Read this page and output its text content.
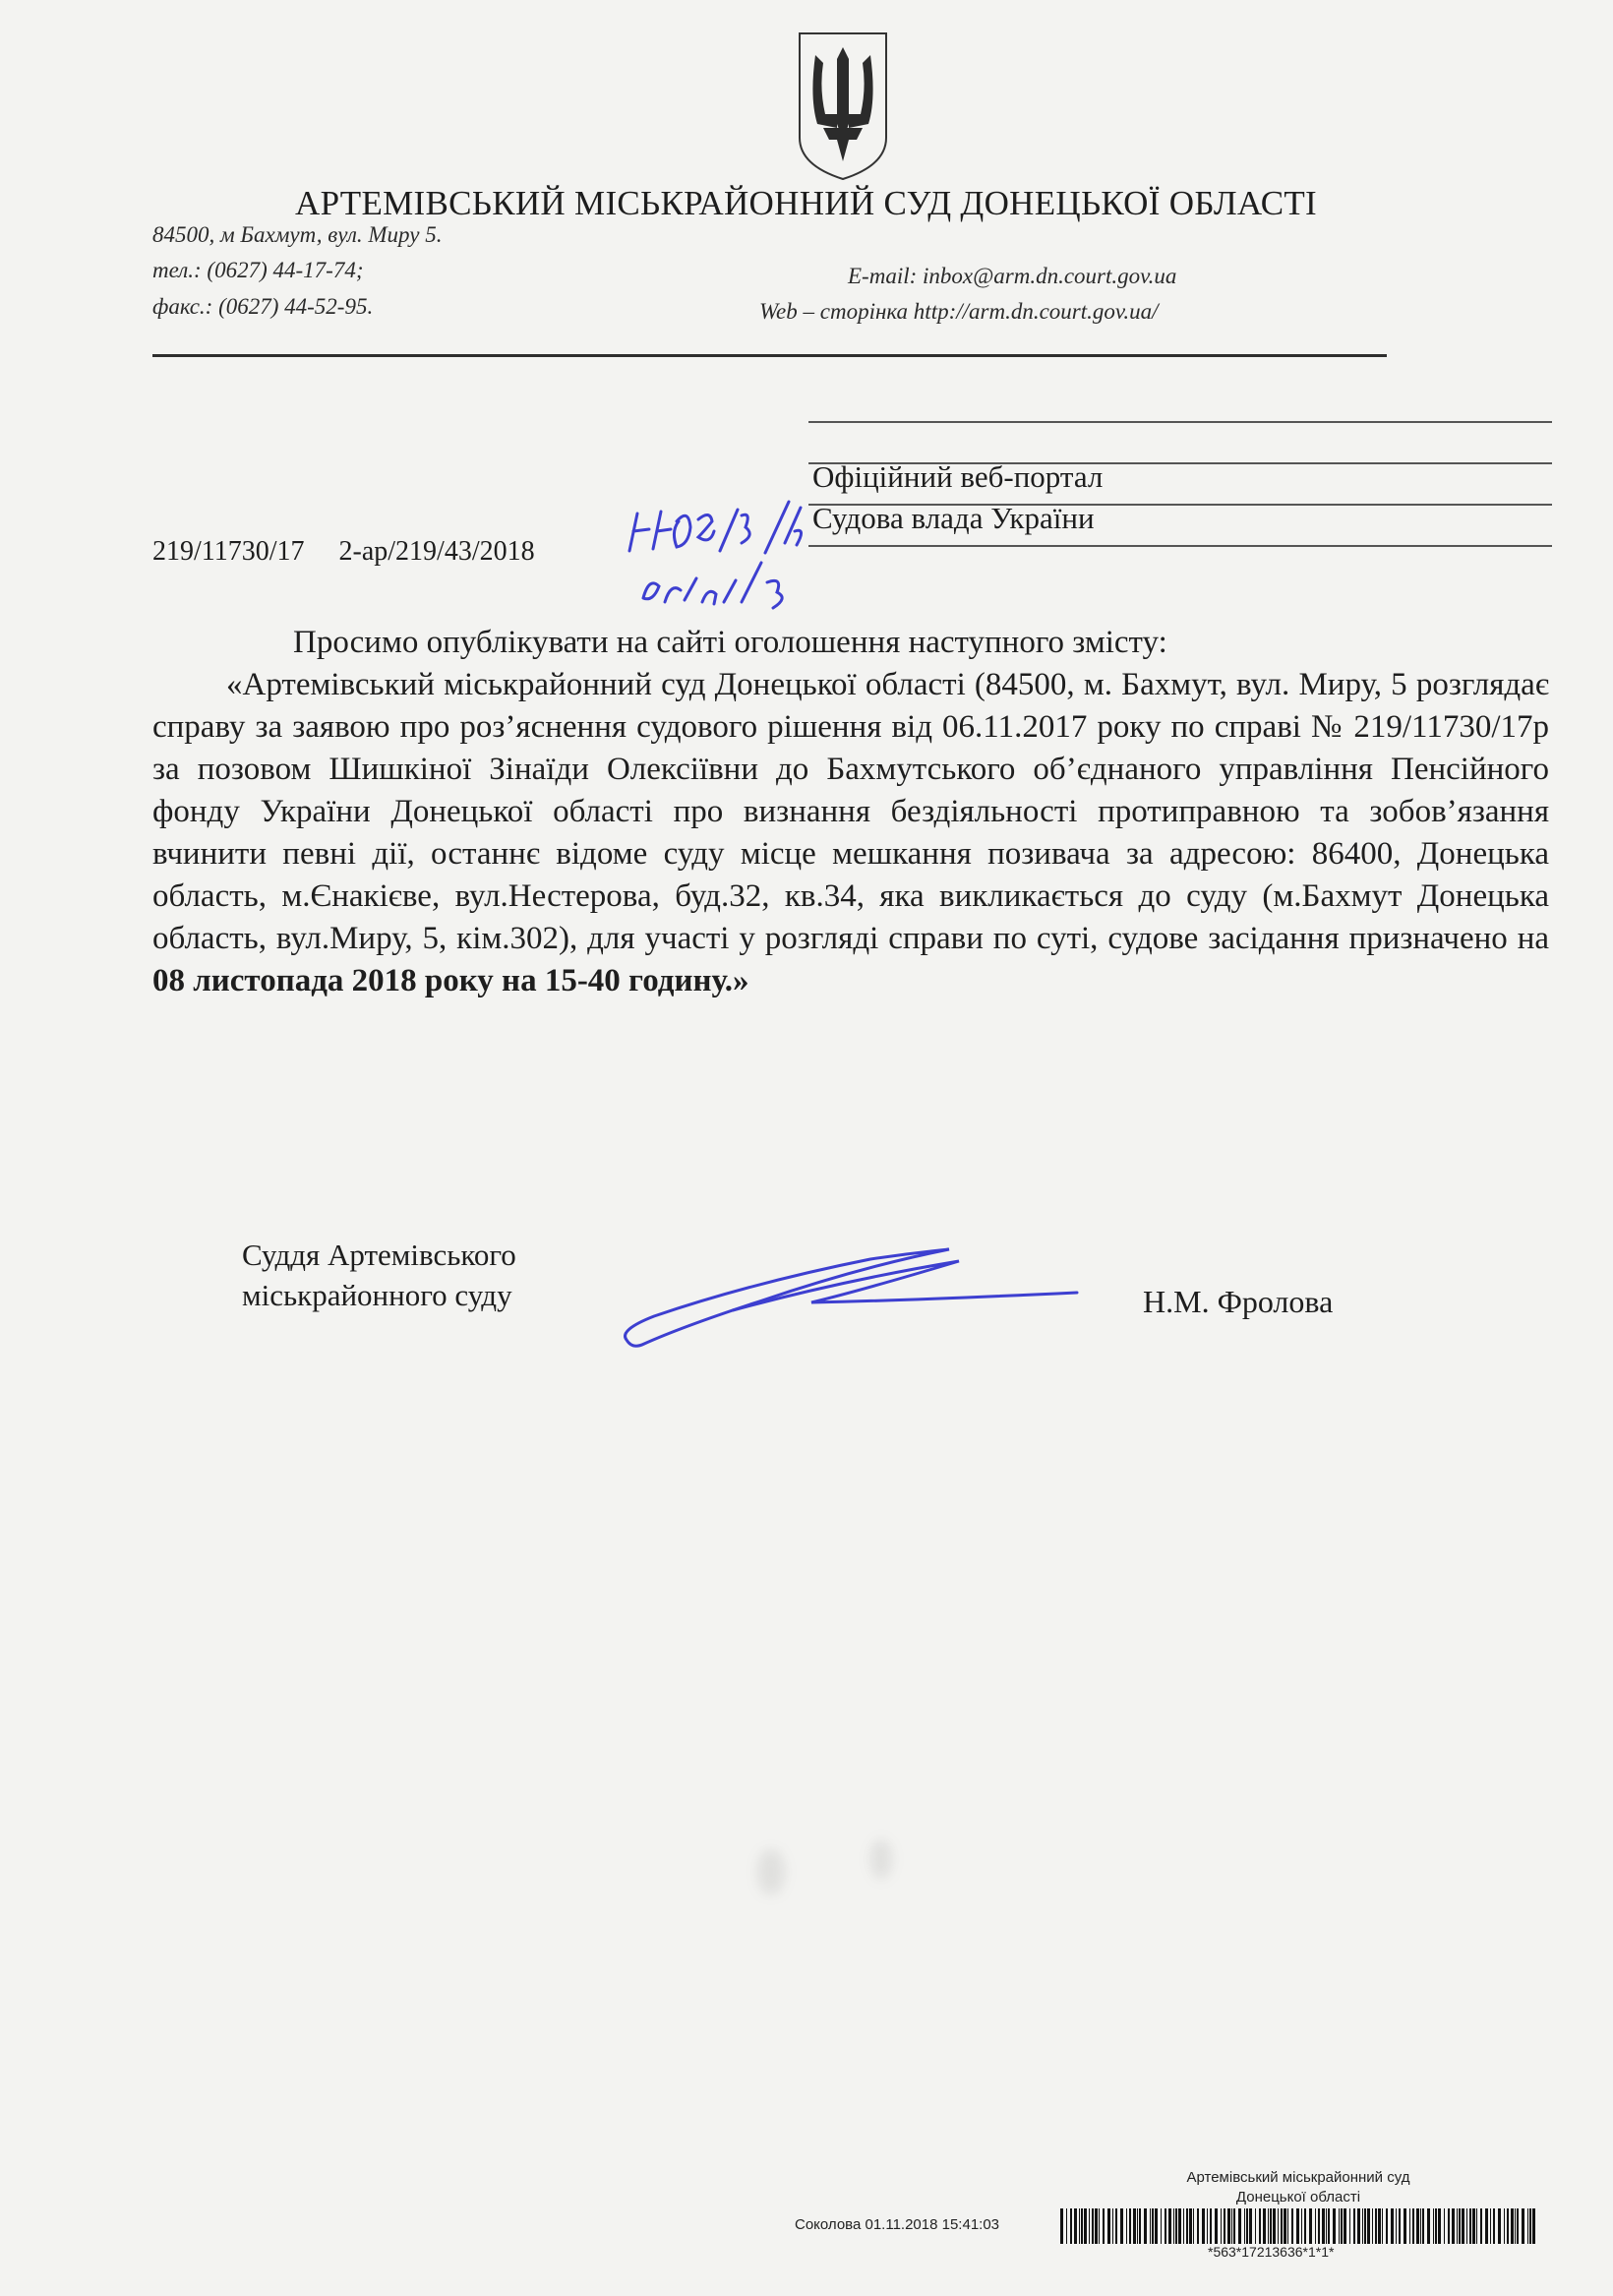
АРТЕМІВСЬКИЙ МІСЬКРАЙОННИЙ СУД ДОНЕЦЬКОЇ ОБЛАСТІ
84500, м Бахмут, вул. Миру 5.
тел.: (0627) 44-17-74;
факс.: (0627) 44-52-95.
E-mail: inbox@arm.dn.court.gov.ua
Web – сторінка http://arm.dn.court.gov.ua/
Офіційний веб-портал
Судова влада України
219/11730/17     2-ар/219/43/2018

Просимо опублікувати на сайті оголошення наступного змісту:

«Артемівський міськрайонний суд Донецької області (84500, м. Бахмут, вул. Миру, 5 розглядає справу за заявою про роз’яснення судового рішення від 06.11.2017 року по справі № 219/11730/17р за позовом Шишкіної Зінаїди Олексіївни до Бахмутського об’єднаного управління Пенсійного фонду України Донецької області про визнання бездіяльності протиправною та зобов’язання вчинити певні дії, останнє відоме суду місце мешкання позивача за адресою: 86400, Донецька область, м.Єнакієве, вул.Нестерова, буд.32, кв.34, яка викликається до суду (м.Бахмут Донецька область, вул.Миру, 5, кім.302), для участі у розгляді справи по суті, судове засідання призначено на 08 листопада 2018 року на 15-40 годину.»

Суддя Артемівського
міськрайонного суду	Н.М. Фролова
Артемівський міськрайонний суд
Донецької області
Соколова 01.11.2018 15:41:03
*563*17213636*1*1*
